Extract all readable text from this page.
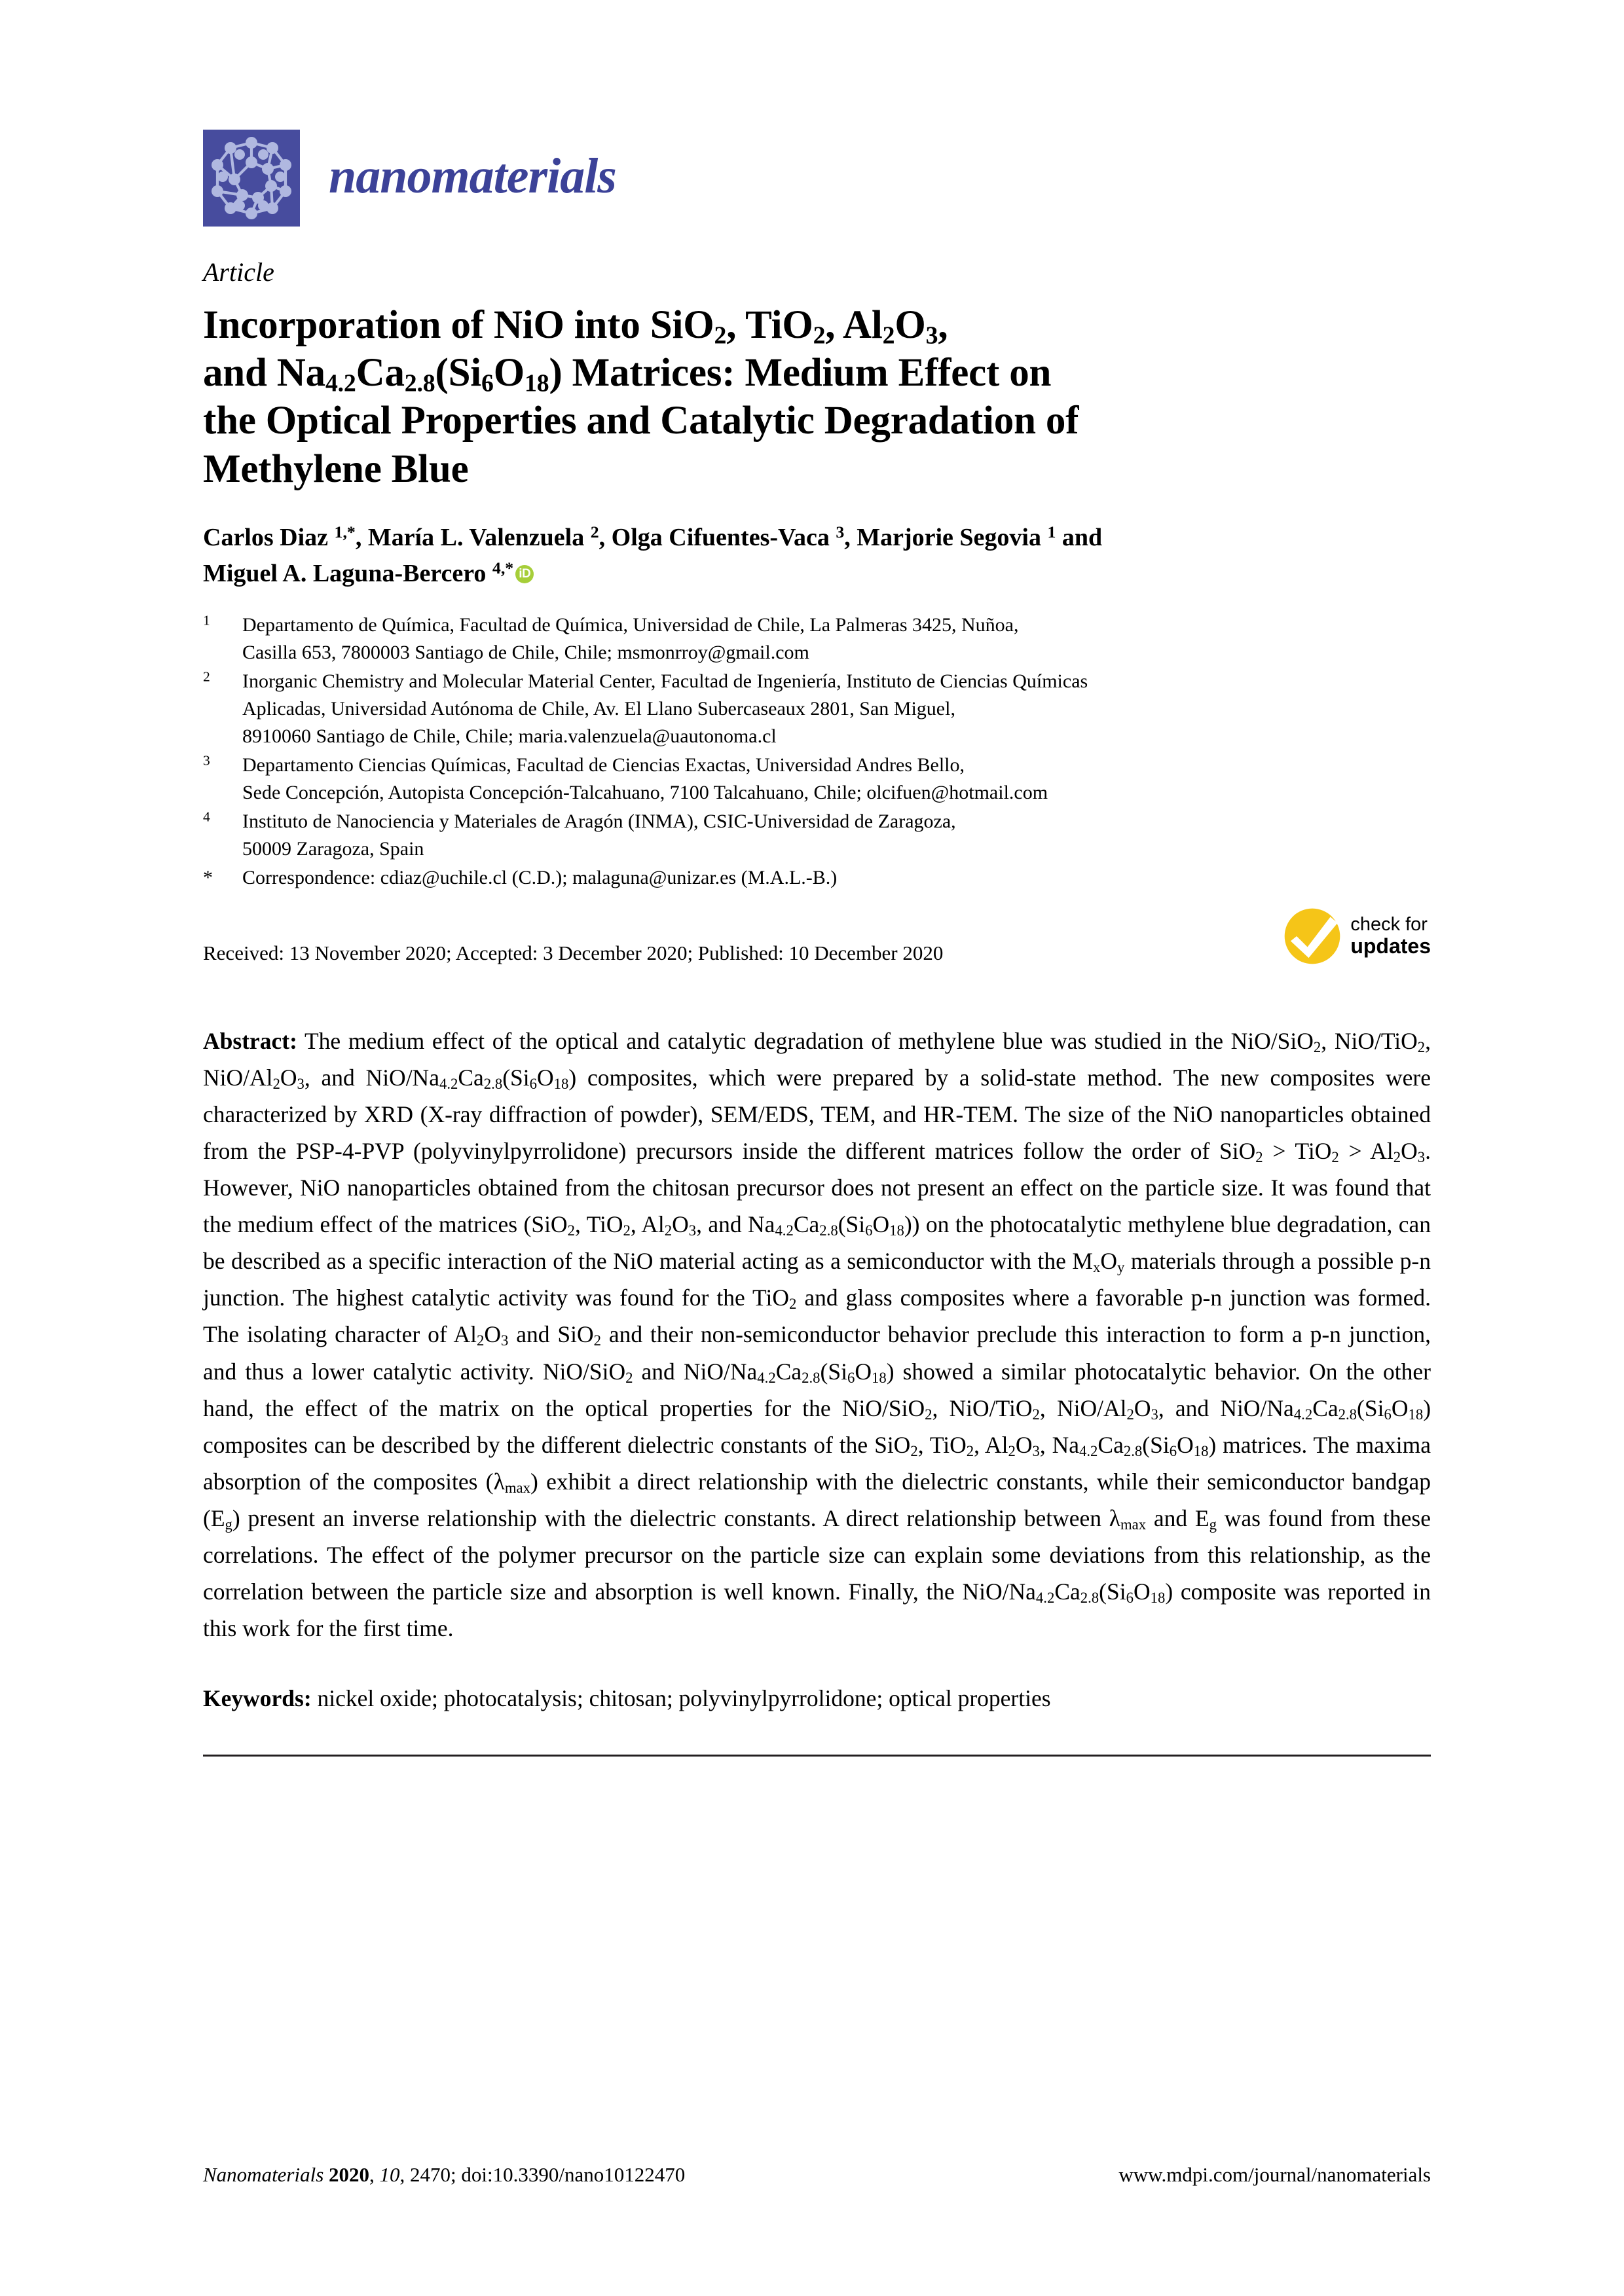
nanomaterials
Article
Incorporation of NiO into SiO$_2$, TiO$_2$, $Al_2O_3$,
and $Na_{4.2}Ca_{2.8}(Si_6O_{18})$ Matrices: Medium Effect on
the Optical Properties and Catalytic Degradation of
Methylene Blue
Carlos Diaz $^{1,*}$, María L. Valenzuela $^2$, Olga Cifuentes-Vaca $^3$, Marjorie Segovia $^1$ and
Miguel A. Laguna-Bercero $^{4,*}$ iD
$^1$	Departamento de Química, Facultad de Química, Universidad de Chile, La Palmeras 3425, Nuñoa,
Casilla 653, 7800003 Santiago de Chile, Chile; msmonrroy@gmail.com
$^2$	Inorganic Chemistry and Molecular Material Center, Facultad de Ingeniería, Instituto de Ciencias Químicas
Aplicadas, Universidad Autónoma de Chile, Av. El Llano Subercaseaux 2801, San Miguel,
8910060 Santiago de Chile, Chile; maria.valenzuela@uautonoma.cl
$^3$	Departamento Ciencias Químicas, Facultad de Ciencias Exactas, Universidad Andres Bello,
Sede Concepción, Autopista Concepción-Talcahuano, 7100 Talcahuano, Chile; olcifuen@hotmail.com
$^4$	Instituto de Nanociencia y Materiales de Aragón (INMA), CSIC-Universidad de Zaragoza,
50009 Zaragoza, Spain
*	Correspondence: cdiaz@uchile.cl (C.D.); malaguna@unizar.es (M.A.L.-B.)
Received: 13 November 2020; Accepted: 3 December 2020; Published: 10 December 2020
check for
updates
Abstract: The medium effect of the optical and catalytic degradation of methylene blue was studied in the NiO/SiO$_2$, NiO/TiO$_2$, NiO/$Al_2O_3$, and NiO/$Na_{4.2}Ca_{2.8}(Si_6O_{18})$ composites, which were prepared by a solid-state method. The new composites were characterized by XRD (X-ray diffraction of powder), SEM/EDS, TEM, and HR-TEM. The size of the NiO nanoparticles obtained from the PSP-4-PVP (polyvinylpyrrolidone) precursors inside the different matrices follow the order of $SiO_2 > TiO_2 > Al_2O_3$. However, NiO nanoparticles obtained from the chitosan precursor does not present an effect on the particle size. It was found that the medium effect of the matrices (SiO$_2$, TiO$_2$, $Al_2O_3$, and $Na_{4.2}Ca_{2.8}(Si_6O_{18})$) on the photocatalytic methylene blue degradation, can be described as a specific interaction of the NiO material acting as a semiconductor with the $M_xO_y$ materials through a possible p-n junction. The highest catalytic activity was found for the TiO$_2$ and glass composites where a favorable p-n junction was formed. The isolating character of $Al_2O_3$ and SiO$_2$ and their non-semiconductor behavior preclude this interaction to form a p-n junction, and thus a lower catalytic activity. NiO/SiO$_2$ and NiO/$Na_{4.2}Ca_{2.8}(Si_6O_{18})$ showed a similar photocatalytic behavior. On the other hand, the effect of the matrix on the optical properties for the NiO/SiO$_2$, NiO/TiO$_2$, NiO/$Al_2O_3$, and NiO/$Na_{4.2}Ca_{2.8}(Si_6O_{18})$ composites can be described by the different dielectric constants of the SiO$_2$, TiO$_2$, $Al_2O_3$, $Na_{4.2}Ca_{2.8}(Si_6O_{18})$ matrices. The maxima absorption of the composites $(\lambda_{max})$ exhibit a direct relationship with the dielectric constants, while their semiconductor bandgap $(E_g)$ present an inverse relationship with the dielectric constants. A direct relationship between $\lambda_{max}$ and $E_g$ was found from these correlations. The effect of the polymer precursor on the particle size can explain some deviations from this relationship, as the correlation between the particle size and absorption is well known. Finally, the NiO/$Na_{4.2}Ca_{2.8}(Si_6O_{18})$ composite was reported in this work for the first time.
Keywords: nickel oxide; photocatalysis; chitosan; polyvinylpyrrolidone; optical properties
Nanomaterials 2020, 10, 2470; doi:10.3390/nano10122470	www.mdpi.com/journal/nanomaterials
